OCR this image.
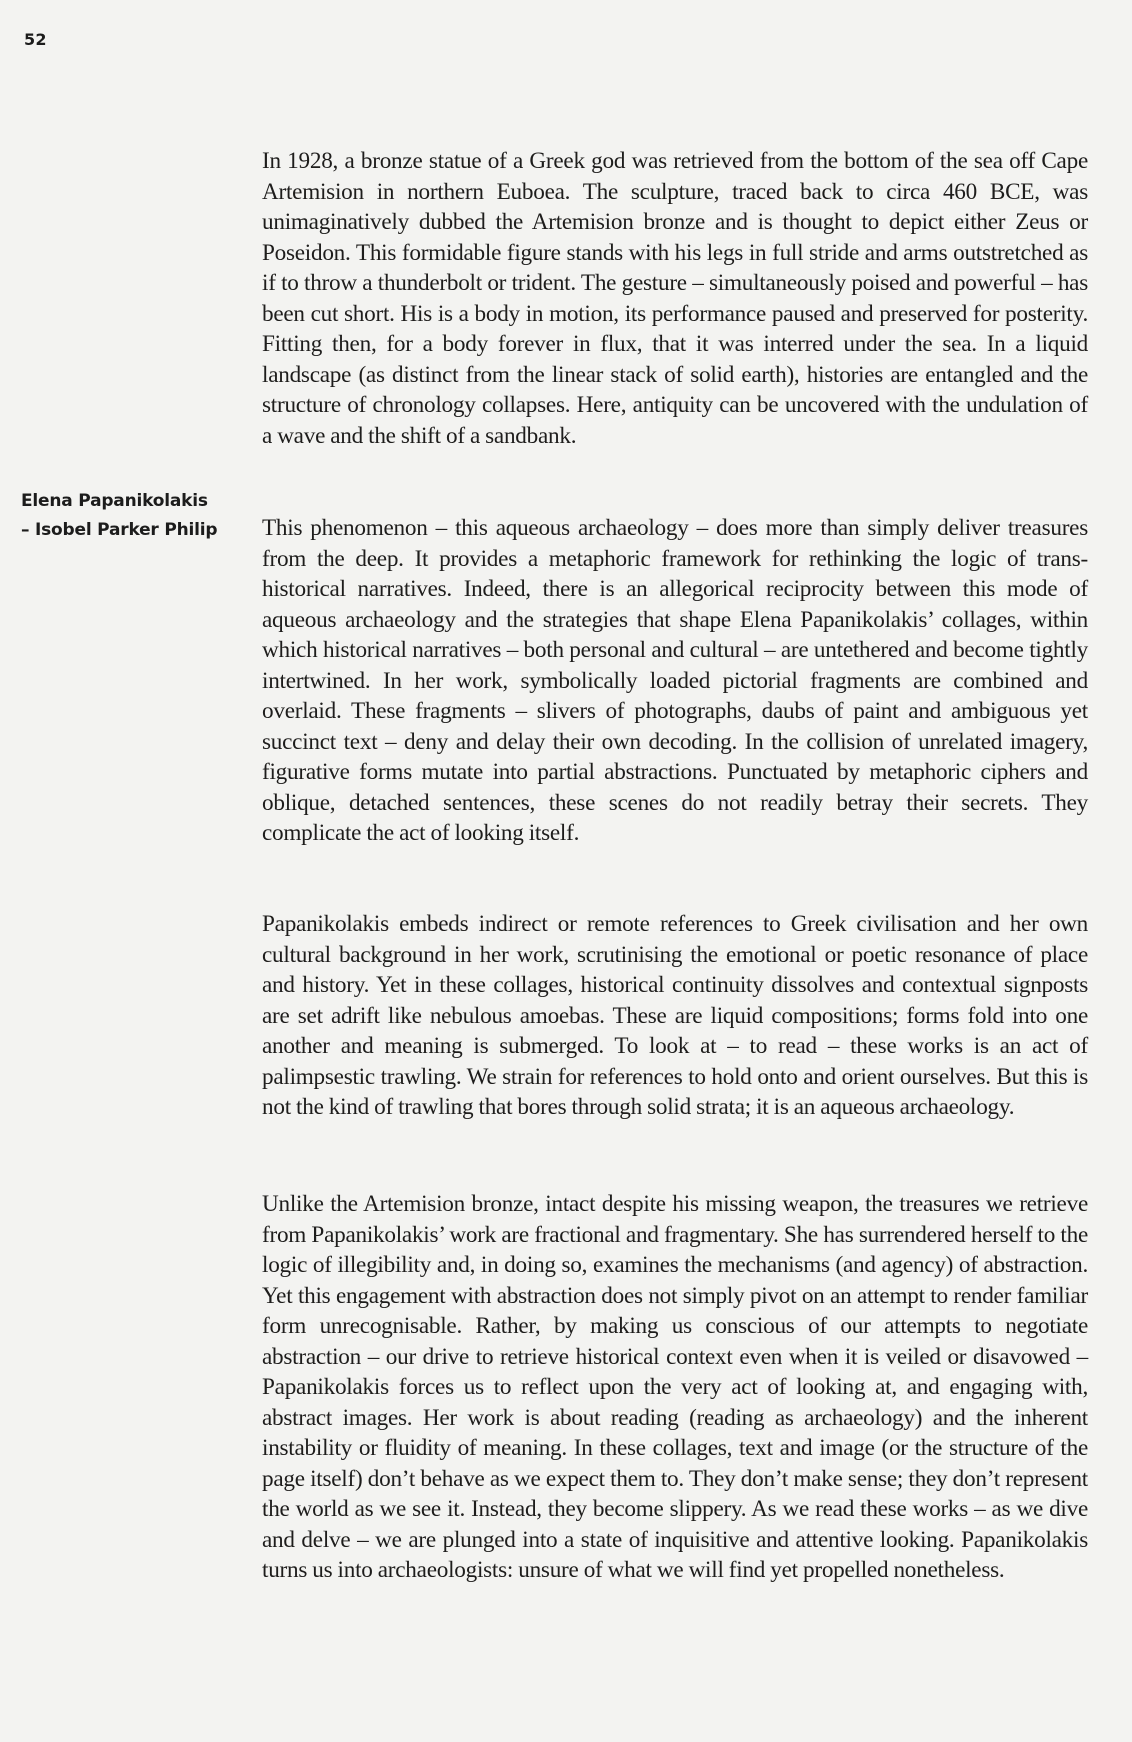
52
Elena Papanikolakis
– Isobel Parker Philip

In 1928, a bronze statue of a Greek god was retrieved from the bottom of the sea off Cape Artemision in northern Euboea. The sculpture, traced back to circa 460 BCE, was unimaginatively dubbed the Artemision bronze and is thought to depict either Zeus or Poseidon. This formidable figure stands with his legs in full stride and arms outstretched as if to throw a thunderbolt or trident. The gesture – simultaneously poised and powerful – has been cut short. His is a body in motion, its performance paused and preserved for posterity. Fitting then, for a body forever in flux, that it was interred under the sea. In a liquid landscape (as distinct from the linear stack of solid earth), histories are entangled and the structure of chronology collapses. Here, antiquity can be uncovered with the undulation of a wave and the shift of a sandbank.

This phenomenon – this aqueous archaeology – does more than simply deliver treasures from the deep. It provides a metaphoric framework for rethinking the logic of trans-historical narratives. Indeed, there is an allegorical reciprocity between this mode of aqueous archaeology and the strategies that shape Elena Papanikolakis’ collages, within which historical narratives – both personal and cultural – are untethered and become tightly intertwined. In her work, symbolically loaded pictorial fragments are combined and overlaid. These fragments – slivers of photographs, daubs of paint and ambiguous yet succinct text – deny and delay their own decoding. In the collision of unrelated imagery, figurative forms mutate into partial abstractions. Punctuated by metaphoric ciphers and oblique, detached sentences, these scenes do not readily betray their secrets. They complicate the act of looking itself.

Papanikolakis embeds indirect or remote references to Greek civilisation and her own cultural background in her work, scrutinising the emotional or poetic resonance of place and history. Yet in these collages, historical continuity dissolves and contextual signposts are set adrift like nebulous amoebas. These are liquid compositions; forms fold into one another and meaning is submerged. To look at – to read – these works is an act of palimpsestic trawling. We strain for references to hold onto and orient ourselves. But this is not the kind of trawling that bores through solid strata; it is an aqueous archaeology.

Unlike the Artemision bronze, intact despite his missing weapon, the treasures we retrieve from Papanikolakis’ work are fractional and fragmentary. She has surrendered herself to the logic of illegibility and, in doing so, examines the mechanisms (and agency) of abstraction. Yet this engagement with abstraction does not simply pivot on an attempt to render familiar form unrecognisable. Rather, by making us conscious of our attempts to negotiate abstraction – our drive to retrieve historical context even when it is veiled or disavowed – Papanikolakis forces us to reflect upon the very act of looking at, and engaging with, abstract images. Her work is about reading (reading as archaeology) and the inherent instability or fluidity of meaning. In these collages, text and image (or the structure of the page itself) don’t behave as we expect them to. They don’t make sense; they don’t represent the world as we see it. Instead, they become slippery. As we read these works – as we dive and delve – we are plunged into a state of inquisitive and attentive looking. Papanikolakis turns us into archaeologists: unsure of what we will find yet propelled nonetheless.
